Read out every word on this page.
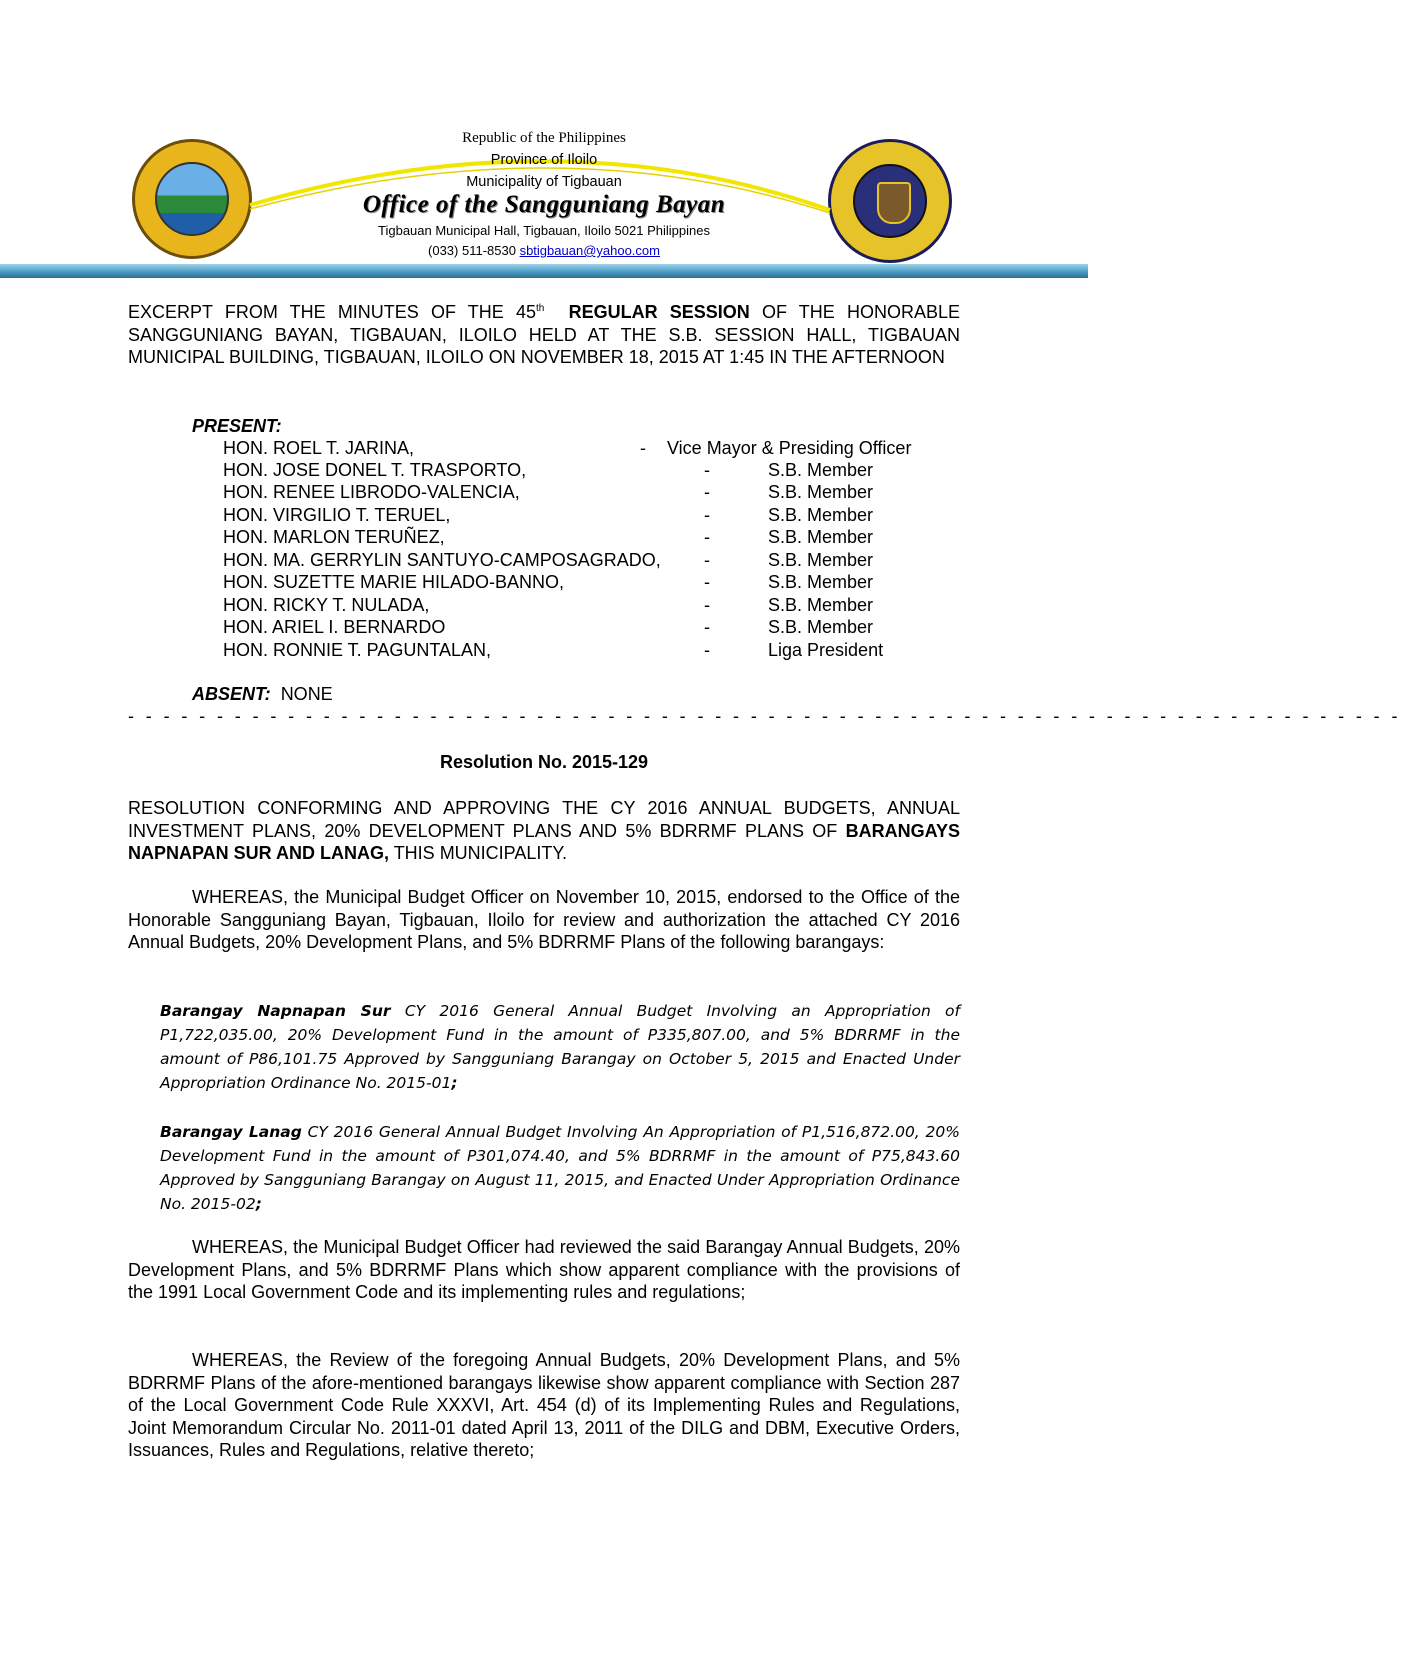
Republic of the Philippines
Province of Iloilo
Municipality of Tigbauan
Office of the Sangguniang Bayan
Tigbauan Municipal Hall, Tigbauan, Iloilo 5021 Philippines
(033) 511-8530 sbtigbauan@yahoo.com
EXCERPT FROM THE MINUTES OF THE 45th REGULAR SESSION OF THE HONORABLE SANGGUNIANG BAYAN, TIGBAUAN, ILOILO HELD AT THE S.B. SESSION HALL, TIGBAUAN MUNICIPAL BUILDING, TIGBAUAN, ILOILO ON NOVEMBER 18, 2015 AT 1:45 IN THE AFTERNOON
PRESENT:
HON. ROEL T. JARINA,	- Vice Mayor & Presiding Officer
HON. JOSE DONEL T. TRASPORTO,	-	S.B. Member
HON. RENEE LIBRODO-VALENCIA,	-	S.B. Member
HON. VIRGILIO T. TERUEL,	-	S.B. Member
HON. MARLON TERUÑEZ,	-	S.B. Member
HON. MA. GERRYLIN SANTUYO-CAMPOSAGRADO, -	S.B. Member
HON. SUZETTE MARIE HILADO-BANNO,	-	S.B. Member
HON. RICKY T. NULADA,	-	S.B. Member
HON. ARIEL I. BERNARDO	-	S.B. Member
HON. RONNIE T. PAGUNTALAN,	-	Liga President
ABSENT: NONE
- - - - - - - - - - - - - - - - - - - - - - - - - - - - - - - - - - - - - - - - - - - - - - - - - - - - - - - - - - - - - - - - - - - - - - - -
Resolution No. 2015-129
RESOLUTION CONFORMING AND APPROVING THE CY 2016 ANNUAL BUDGETS, ANNUAL INVESTMENT PLANS, 20% DEVELOPMENT PLANS AND 5% BDRRMF PLANS OF BARANGAYS NAPNAPAN SUR AND LANAG, THIS MUNICIPALITY.
WHEREAS, the Municipal Budget Officer on November 10, 2015, endorsed to the Office of the Honorable Sangguniang Bayan, Tigbauan, Iloilo for review and authorization the attached CY 2016 Annual Budgets, 20% Development Plans, and 5% BDRRMF Plans of the following barangays:
Barangay Napnapan Sur CY 2016 General Annual Budget Involving an Appropriation of P1,722,035.00, 20% Development Fund in the amount of P335,807.00, and 5% BDRRMF in the amount of P86,101.75 Approved by Sangguniang Barangay on October 5, 2015 and Enacted Under Appropriation Ordinance No. 2015-01;
Barangay Lanag CY 2016 General Annual Budget Involving An Appropriation of P1,516,872.00, 20% Development Fund in the amount of P301,074.40, and 5% BDRRMF in the amount of P75,843.60 Approved by Sangguniang Barangay on August 11, 2015, and Enacted Under Appropriation Ordinance No. 2015-02;
WHEREAS, the Municipal Budget Officer had reviewed the said Barangay Annual Budgets, 20% Development Plans, and 5% BDRRMF Plans which show apparent compliance with the provisions of the 1991 Local Government Code and its implementing rules and regulations;
WHEREAS, the Review of the foregoing Annual Budgets, 20% Development Plans, and 5% BDRRMF Plans of the afore-mentioned barangays likewise show apparent compliance with Section 287 of the Local Government Code Rule XXXVI, Art. 454 (d) of its Implementing Rules and Regulations, Joint Memorandum Circular No. 2011-01 dated April 13, 2011 of the DILG and DBM, Executive Orders, Issuances, Rules and Regulations, relative thereto;
